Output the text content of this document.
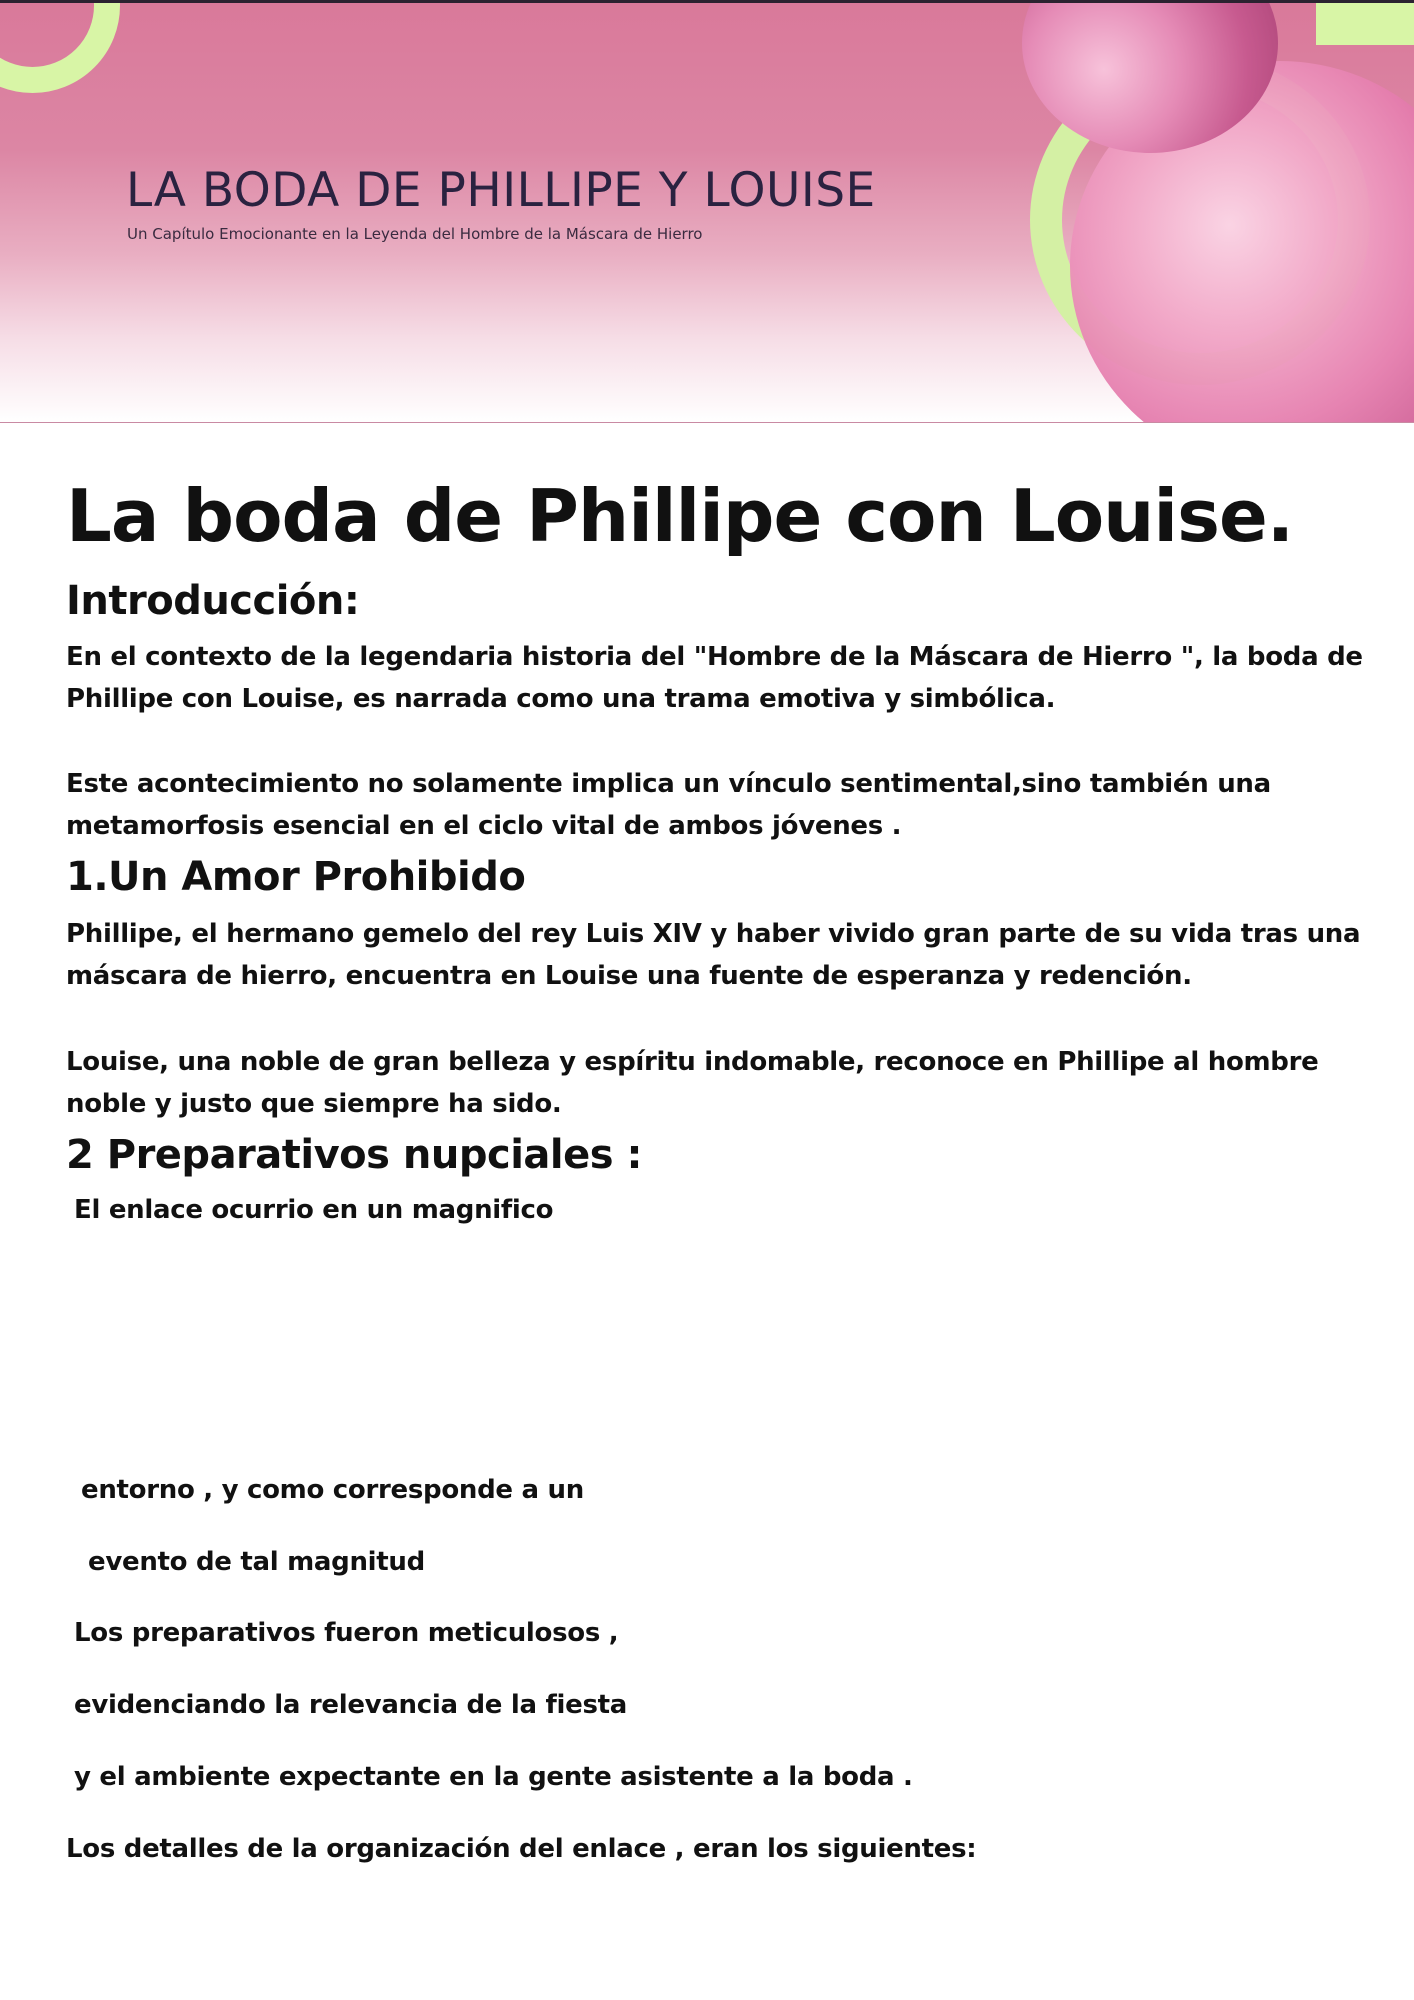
LA BODA DE PHILLIPE Y LOUISE

Un Capítulo Emocionante en la Leyenda del Hombre de la Máscara de Hierro

La boda de Phillipe con Louise.
Introducción:

En el contexto de la legendaria historia del "Hombre de la Máscara de Hierro ", la boda de
Phillipe con Louise, es narrada como una trama emotiva y simbólica.

Este acontecimiento no solamente implica un vínculo sentimental,sino también una
metamorfosis esencial en el ciclo vital de ambos jóvenes .

1.Un Amor Prohibido

Phillipe, el hermano gemelo del rey Luis XIV y haber vivido gran parte de su vida tras una
máscara de hierro, encuentra en Louise una fuente de esperanza y redención.

Louise, una noble de gran belleza y espíritu indomable, reconoce en Phillipe al hombre
noble y justo que siempre ha sido.

2 Preparativos nupciales :

El enlace ocurrio en un magnifico

entorno , y como corresponde a un

evento de tal magnitud

Los preparativos fueron meticulosos ,

evidenciando la relevancia de la fiesta

y el ambiente expectante en la gente asistente a la boda .

Los detalles de la organización del enlace , eran los siguientes:
